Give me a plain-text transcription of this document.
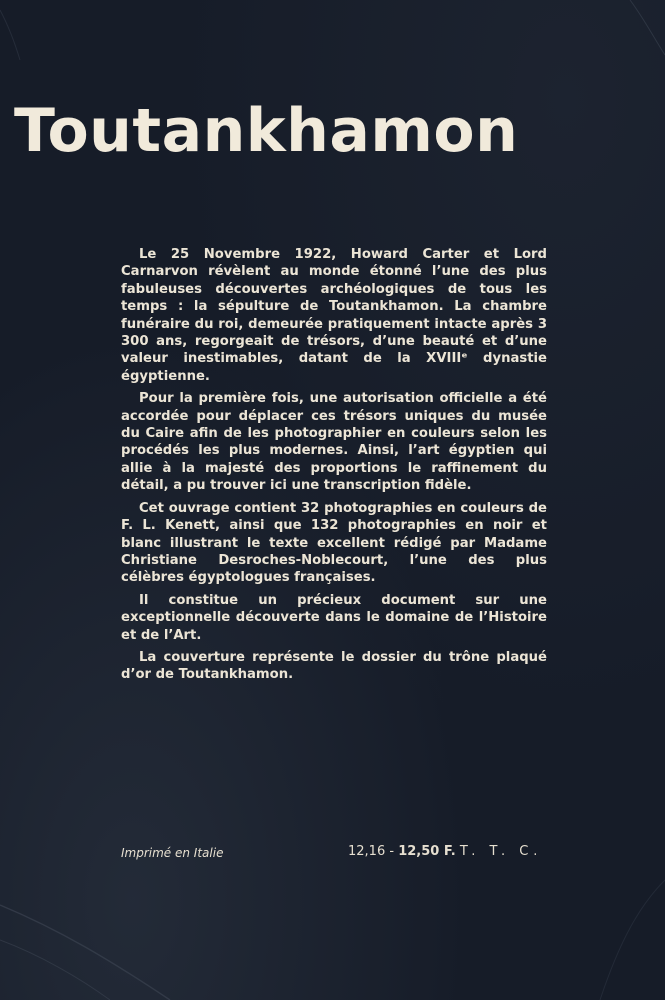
Toutankhamon

Le 25 Novembre 1922, Howard Carter et Lord Carnarvon révèlent au monde étonné l’une des plus fabuleuses découvertes archéologiques de tous les temps : la sépulture de Toutankhamon. La chambre funéraire du roi, demeurée pratiquement intacte après 3 300 ans, regorgeait de trésors, d’une beauté et d’une valeur inestimables, datant de la XVIIIᵉ dynastie égyptienne.

Pour la première fois, une autorisation officielle a été accordée pour déplacer ces trésors uniques du musée du Caire afin de les photographier en couleurs selon les procédés les plus modernes. Ainsi, l’art égyptien qui allie à la majesté des proportions le raffinement du détail, a pu trouver ici une transcription fidèle.

Cet ouvrage contient 32 photographies en couleurs de F. L. Kenett, ainsi que 132 photographies en noir et blanc illustrant le texte excellent rédigé par Madame Christiane Desroches-Noblecourt, l’une des plus célèbres égyptologues françaises.

Il constitue un précieux document sur une exceptionnelle découverte dans le domaine de l’Histoire et de l’Art.

La couverture représente le dossier du trône plaqué d’or de Toutankhamon.

Imprimé en Italie	12,16 - 12,50 F. T. T. C.
